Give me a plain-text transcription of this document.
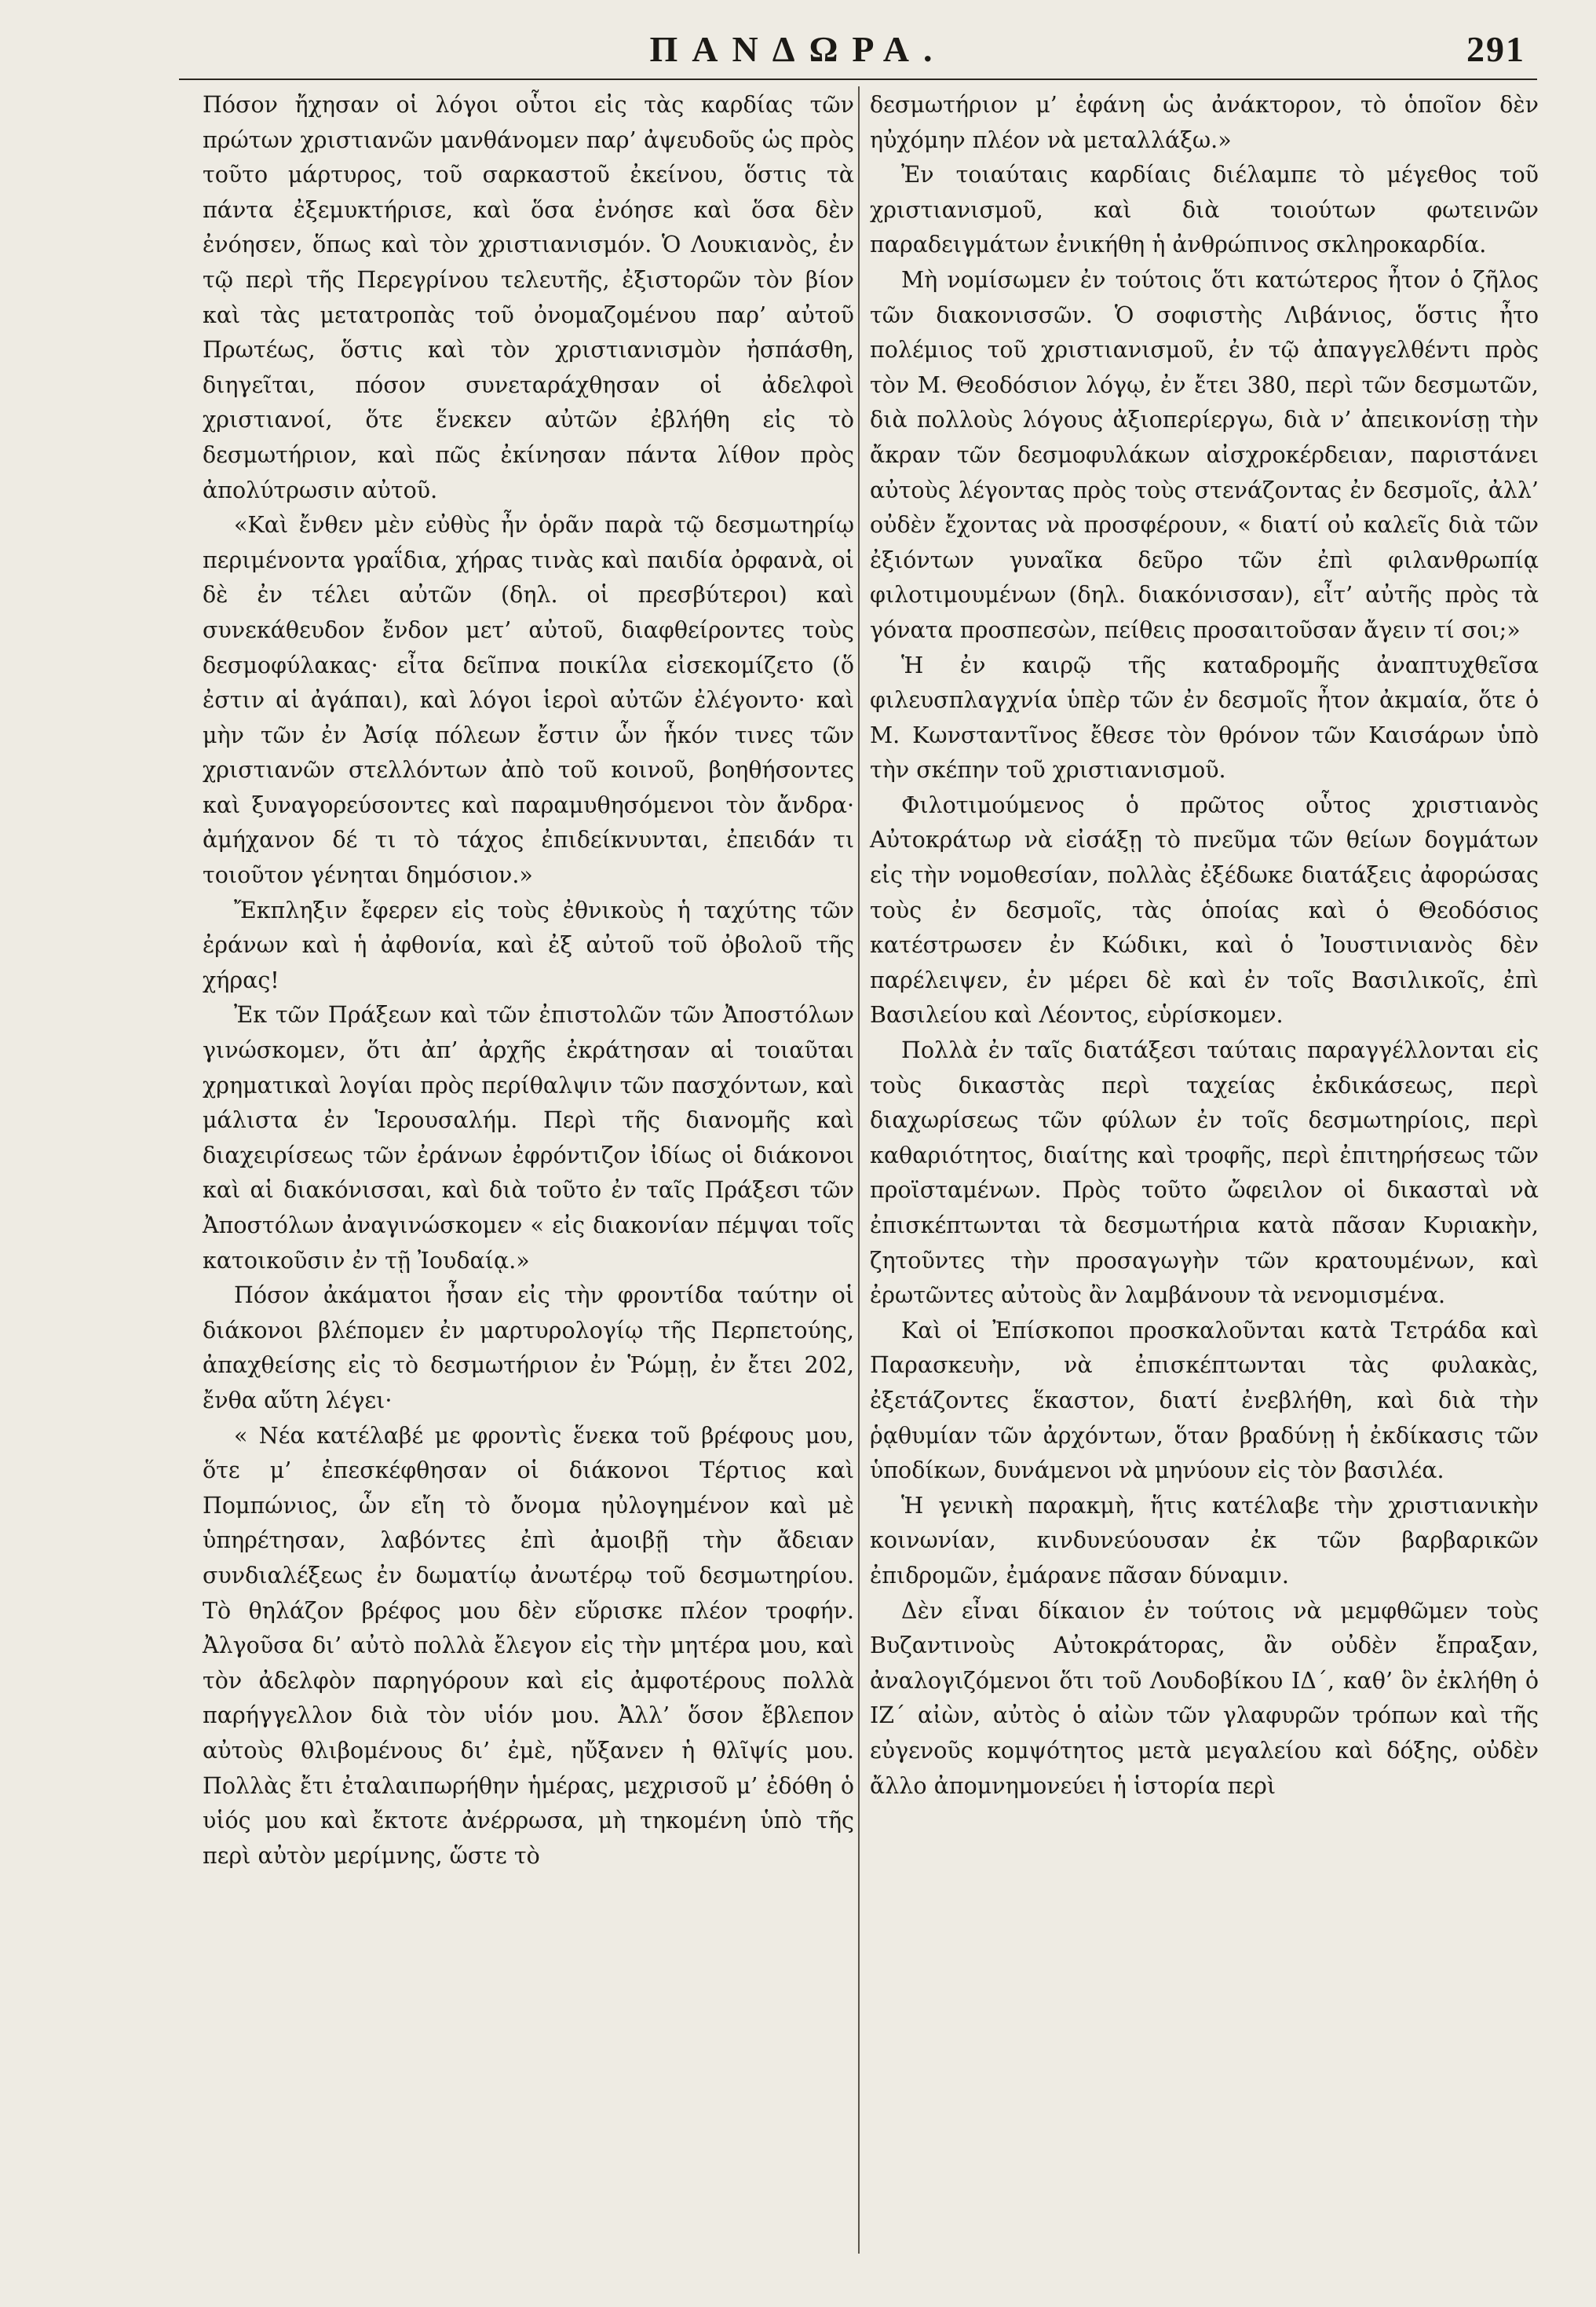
ΠΑΝΔΩΡΑ.	291

Πόσον ἤχησαν οἱ λόγοι οὗτοι εἰς τὰς καρδίας τῶν πρώτων χριστιανῶν μανθάνομεν παρ’ ἀψευδοῦς ὡς πρὸς τοῦτο μάρτυρος, τοῦ σαρκαστοῦ ἐκείνου, ὅστις τὰ πάντα ἐξεμυκτήρισε, καὶ ὅσα ἐνόησε καὶ ὅσα δὲν ἐνόησεν, ὅπως καὶ τὸν χριστιανισμόν. Ὁ Λουκιανὸς, ἐν τῷ περὶ τῆς Περεγρίνου τελευτῆς, ἐξιστορῶν τὸν βίον καὶ τὰς μετατροπὰς τοῦ ὀνομαζομένου παρ’ αὐτοῦ Πρωτέως, ὅστις καὶ τὸν χριστιανισμὸν ἠσπάσθη, διηγεῖται, πόσον συνεταράχθησαν οἱ ἀδελφοὶ χριστιανοί, ὅτε ἕνεκεν αὐτῶν ἐβλήθη εἰς τὸ δεσμωτήριον, καὶ πῶς ἐκίνησαν πάντα λίθον πρὸς ἀπολύτρωσιν αὐτοῦ.

«Καὶ ἔνθεν μὲν εὐθὺς ἦν ὁρᾶν παρὰ τῷ δεσμωτηρίῳ περιμένοντα γραΐδια, χήρας τινὰς καὶ παιδία ὀρφανὰ, οἱ δὲ ἐν τέλει αὐτῶν (δηλ. οἱ πρεσβύτεροι) καὶ συνεκάθευδον ἔνδον μετ’ αὐτοῦ, διαφθείροντες τοὺς δεσμοφύλακας· εἶτα δεῖπνα ποικίλα εἰσεκομίζετο (ὅ ἐστιν αἱ ἀγάπαι), καὶ λόγοι ἱεροὶ αὐτῶν ἐλέγοντο· καὶ μὴν τῶν ἐν Ἀσίᾳ πόλεων ἔστιν ὧν ἧκόν τινες τῶν χριστιανῶν στελλόντων ἀπὸ τοῦ κοινοῦ, βοηθήσοντες καὶ ξυναγορεύσοντες καὶ παραμυθησόμενοι τὸν ἄνδρα· ἀμήχανον δέ τι τὸ τάχος ἐπιδείκνυνται, ἐπειδάν τι τοιοῦτον γένηται δημόσιον.»

Ἔκπληξιν ἔφερεν εἰς τοὺς ἐθνικοὺς ἡ ταχύτης τῶν ἐράνων καὶ ἡ ἀφθονία, καὶ ἐξ αὐτοῦ τοῦ ὀβολοῦ τῆς χήρας!

Ἐκ τῶν Πράξεων καὶ τῶν ἐπιστολῶν τῶν Ἀποστόλων γινώσκομεν, ὅτι ἀπ’ ἀρχῆς ἐκράτησαν αἱ τοιαῦται χρηματικαὶ λογίαι πρὸς περίθαλψιν τῶν πασχόντων, καὶ μάλιστα ἐν Ἱερουσαλήμ. Περὶ τῆς διανομῆς καὶ διαχειρίσεως τῶν ἐράνων ἐφρόντιζον ἰδίως οἱ διάκονοι καὶ αἱ διακόνισσαι, καὶ διὰ τοῦτο ἐν ταῖς Πράξεσι τῶν Ἀποστόλων ἀναγινώσκομεν « εἰς διακονίαν πέμψαι τοῖς κατοικοῦσιν ἐν τῇ Ἰουδαίᾳ.»

Πόσον ἀκάματοι ἦσαν εἰς τὴν φροντίδα ταύτην οἱ διάκονοι βλέπομεν ἐν μαρτυρολογίῳ τῆς Περπετούης, ἀπαχθείσης εἰς τὸ δεσμωτήριον ἐν Ῥώμῃ, ἐν ἔτει 202, ἔνθα αὕτη λέγει·

« Νέα κατέλαβέ με φροντὶς ἕνεκα τοῦ βρέφους μου, ὅτε μ’ ἐπεσκέφθησαν οἱ διάκονοι Τέρτιος καὶ Πομπώνιος, ὧν εἴη τὸ ὄνομα ηὐλογημένον καὶ μὲ ὑπηρέτησαν, λαβόντες ἐπὶ ἀμοιβῇ τὴν ἄδειαν συνδιαλέξεως ἐν δωματίῳ ἀνωτέρῳ τοῦ δεσμωτηρίου. Τὸ θηλάζον βρέφος μου δὲν εὕρισκε πλέον τροφήν. Ἀλγοῦσα δι’ αὐτὸ πολλὰ ἔλεγον εἰς τὴν μητέρα μου, καὶ τὸν ἀδελφὸν παρηγόρουν καὶ εἰς ἀμφοτέρους πολλὰ παρήγγελλον διὰ τὸν υἱόν μου. Ἀλλ’ ὅσον ἔβλεπον αὐτοὺς θλιβομένους δι’ ἐμὲ, ηὔξανεν ἡ θλῖψίς μου. Πολλὰς ἔτι ἐταλαιπωρήθην ἡμέρας, μεχρισοῦ μ’ ἐδόθη ὁ υἱός μου καὶ ἔκτοτε ἀνέρρωσα, μὴ τηκομένη ὑπὸ τῆς περὶ αὐτὸν μερίμνης, ὥστε τὸ

δεσμωτήριον μ’ ἐφάνη ὡς ἀνάκτορον, τὸ ὁποῖον δὲν ηὐχόμην πλέον νὰ μεταλλάξω.»

Ἐν τοιαύταις καρδίαις διέλαμπε τὸ μέγεθος τοῦ χριστιανισμοῦ, καὶ διὰ τοιούτων φωτεινῶν παραδειγμάτων ἐνικήθη ἡ ἀνθρώπινος σκληροκαρδία.

Μὴ νομίσωμεν ἐν τούτοις ὅτι κατώτερος ἦτον ὁ ζῆλος τῶν διακονισσῶν. Ὁ σοφιστὴς Λιβάνιος, ὅστις ἦτο πολέμιος τοῦ χριστιανισμοῦ, ἐν τῷ ἀπαγγελθέντι πρὸς τὸν Μ. Θεοδόσιον λόγῳ, ἐν ἔτει 380, περὶ τῶν δεσμωτῶν, διὰ πολλοὺς λόγους ἀξιοπερίεργω, διὰ ν’ ἀπεικονίσῃ τὴν ἄκραν τῶν δεσμοφυλάκων αἰσχροκέρδειαν, παριστάνει αὐτοὺς λέγοντας πρὸς τοὺς στενάζοντας ἐν δεσμοῖς, ἀλλ’ οὐδὲν ἔχοντας νὰ προσφέρουν, « διατί οὐ καλεῖς διὰ τῶν ἐξιόντων γυναῖκα δεῦρο τῶν ἐπὶ φιλανθρωπίᾳ φιλοτιμουμένων (δηλ. διακόνισσαν), εἶτ’ αὐτῆς πρὸς τὰ γόνατα προσπεσὼν, πείθεις προσαιτοῦσαν ἄγειν τί σοι;»

Ἡ ἐν καιρῷ τῆς καταδρομῆς ἀναπτυχθεῖσα φιλευσπλαγχνία ὑπὲρ τῶν ἐν δεσμοῖς ἦτον ἀκμαία, ὅτε ὁ Μ. Κωνσταντῖνος ἔθεσε τὸν θρόνον τῶν Καισάρων ὑπὸ τὴν σκέπην τοῦ χριστιανισμοῦ.

Φιλοτιμούμενος ὁ πρῶτος οὗτος χριστιανὸς Αὐτοκράτωρ νὰ εἰσάξῃ τὸ πνεῦμα τῶν θείων δογμάτων εἰς τὴν νομοθεσίαν, πολλὰς ἐξέδωκε διατάξεις ἀφορώσας τοὺς ἐν δεσμοῖς, τὰς ὁποίας καὶ ὁ Θεοδόσιος κατέστρωσεν ἐν Κώδικι, καὶ ὁ Ἰουστινιανὸς δὲν παρέλειψεν, ἐν μέρει δὲ καὶ ἐν τοῖς Βασιλικοῖς, ἐπὶ Βασιλείου καὶ Λέοντος, εὑρίσκομεν.

Πολλὰ ἐν ταῖς διατάξεσι ταύταις παραγγέλλονται εἰς τοὺς δικαστὰς περὶ ταχείας ἐκδικάσεως, περὶ διαχωρίσεως τῶν φύλων ἐν τοῖς δεσμωτηρίοις, περὶ καθαριότητος, διαίτης καὶ τροφῆς, περὶ ἐπιτηρήσεως τῶν προϊσταμένων. Πρὸς τοῦτο ὤφειλον οἱ δικασταὶ νὰ ἐπισκέπτωνται τὰ δεσμωτήρια κατὰ πᾶσαν Κυριακὴν, ζητοῦντες τὴν προσαγωγὴν τῶν κρατουμένων, καὶ ἐρωτῶντες αὐτοὺς ἂν λαμβάνουν τὰ νενομισμένα.

Καὶ οἱ Ἐπίσκοποι προσκαλοῦνται κατὰ Τετράδα καὶ Παρασκευὴν, νὰ ἐπισκέπτωνται τὰς φυλακὰς, ἐξετάζοντες ἕκαστον, διατί ἐνεβλήθη, καὶ διὰ τὴν ῥᾳθυμίαν τῶν ἀρχόντων, ὅταν βραδύνῃ ἡ ἐκδίκασις τῶν ὑποδίκων, δυνάμενοι νὰ μηνύουν εἰς τὸν βασιλέα.

Ἡ γενικὴ παρακμὴ, ἥτις κατέλαβε τὴν χριστιανικὴν κοινωνίαν, κινδυνεύουσαν ἐκ τῶν βαρβαρικῶν ἐπιδρομῶν, ἐμάρανε πᾶσαν δύναμιν.

Δὲν εἶναι δίκαιον ἐν τούτοις νὰ μεμφθῶμεν τοὺς Βυζαντινοὺς Αὐτοκράτορας, ἂν οὐδὲν ἔπραξαν, ἀναλογιζόμενοι ὅτι τοῦ Λουδοβίκου ΙΔ΄, καθ’ ὃν ἐκλήθη ὁ ΙΖ΄ αἰὼν, αὐτὸς ὁ αἰὼν τῶν γλαφυρῶν τρόπων καὶ τῆς εὐγενοῦς κομψότητος μετὰ μεγαλείου καὶ δόξης, οὐδὲν ἄλλο ἀπομνημονεύει ἡ ἱστορία περὶ
